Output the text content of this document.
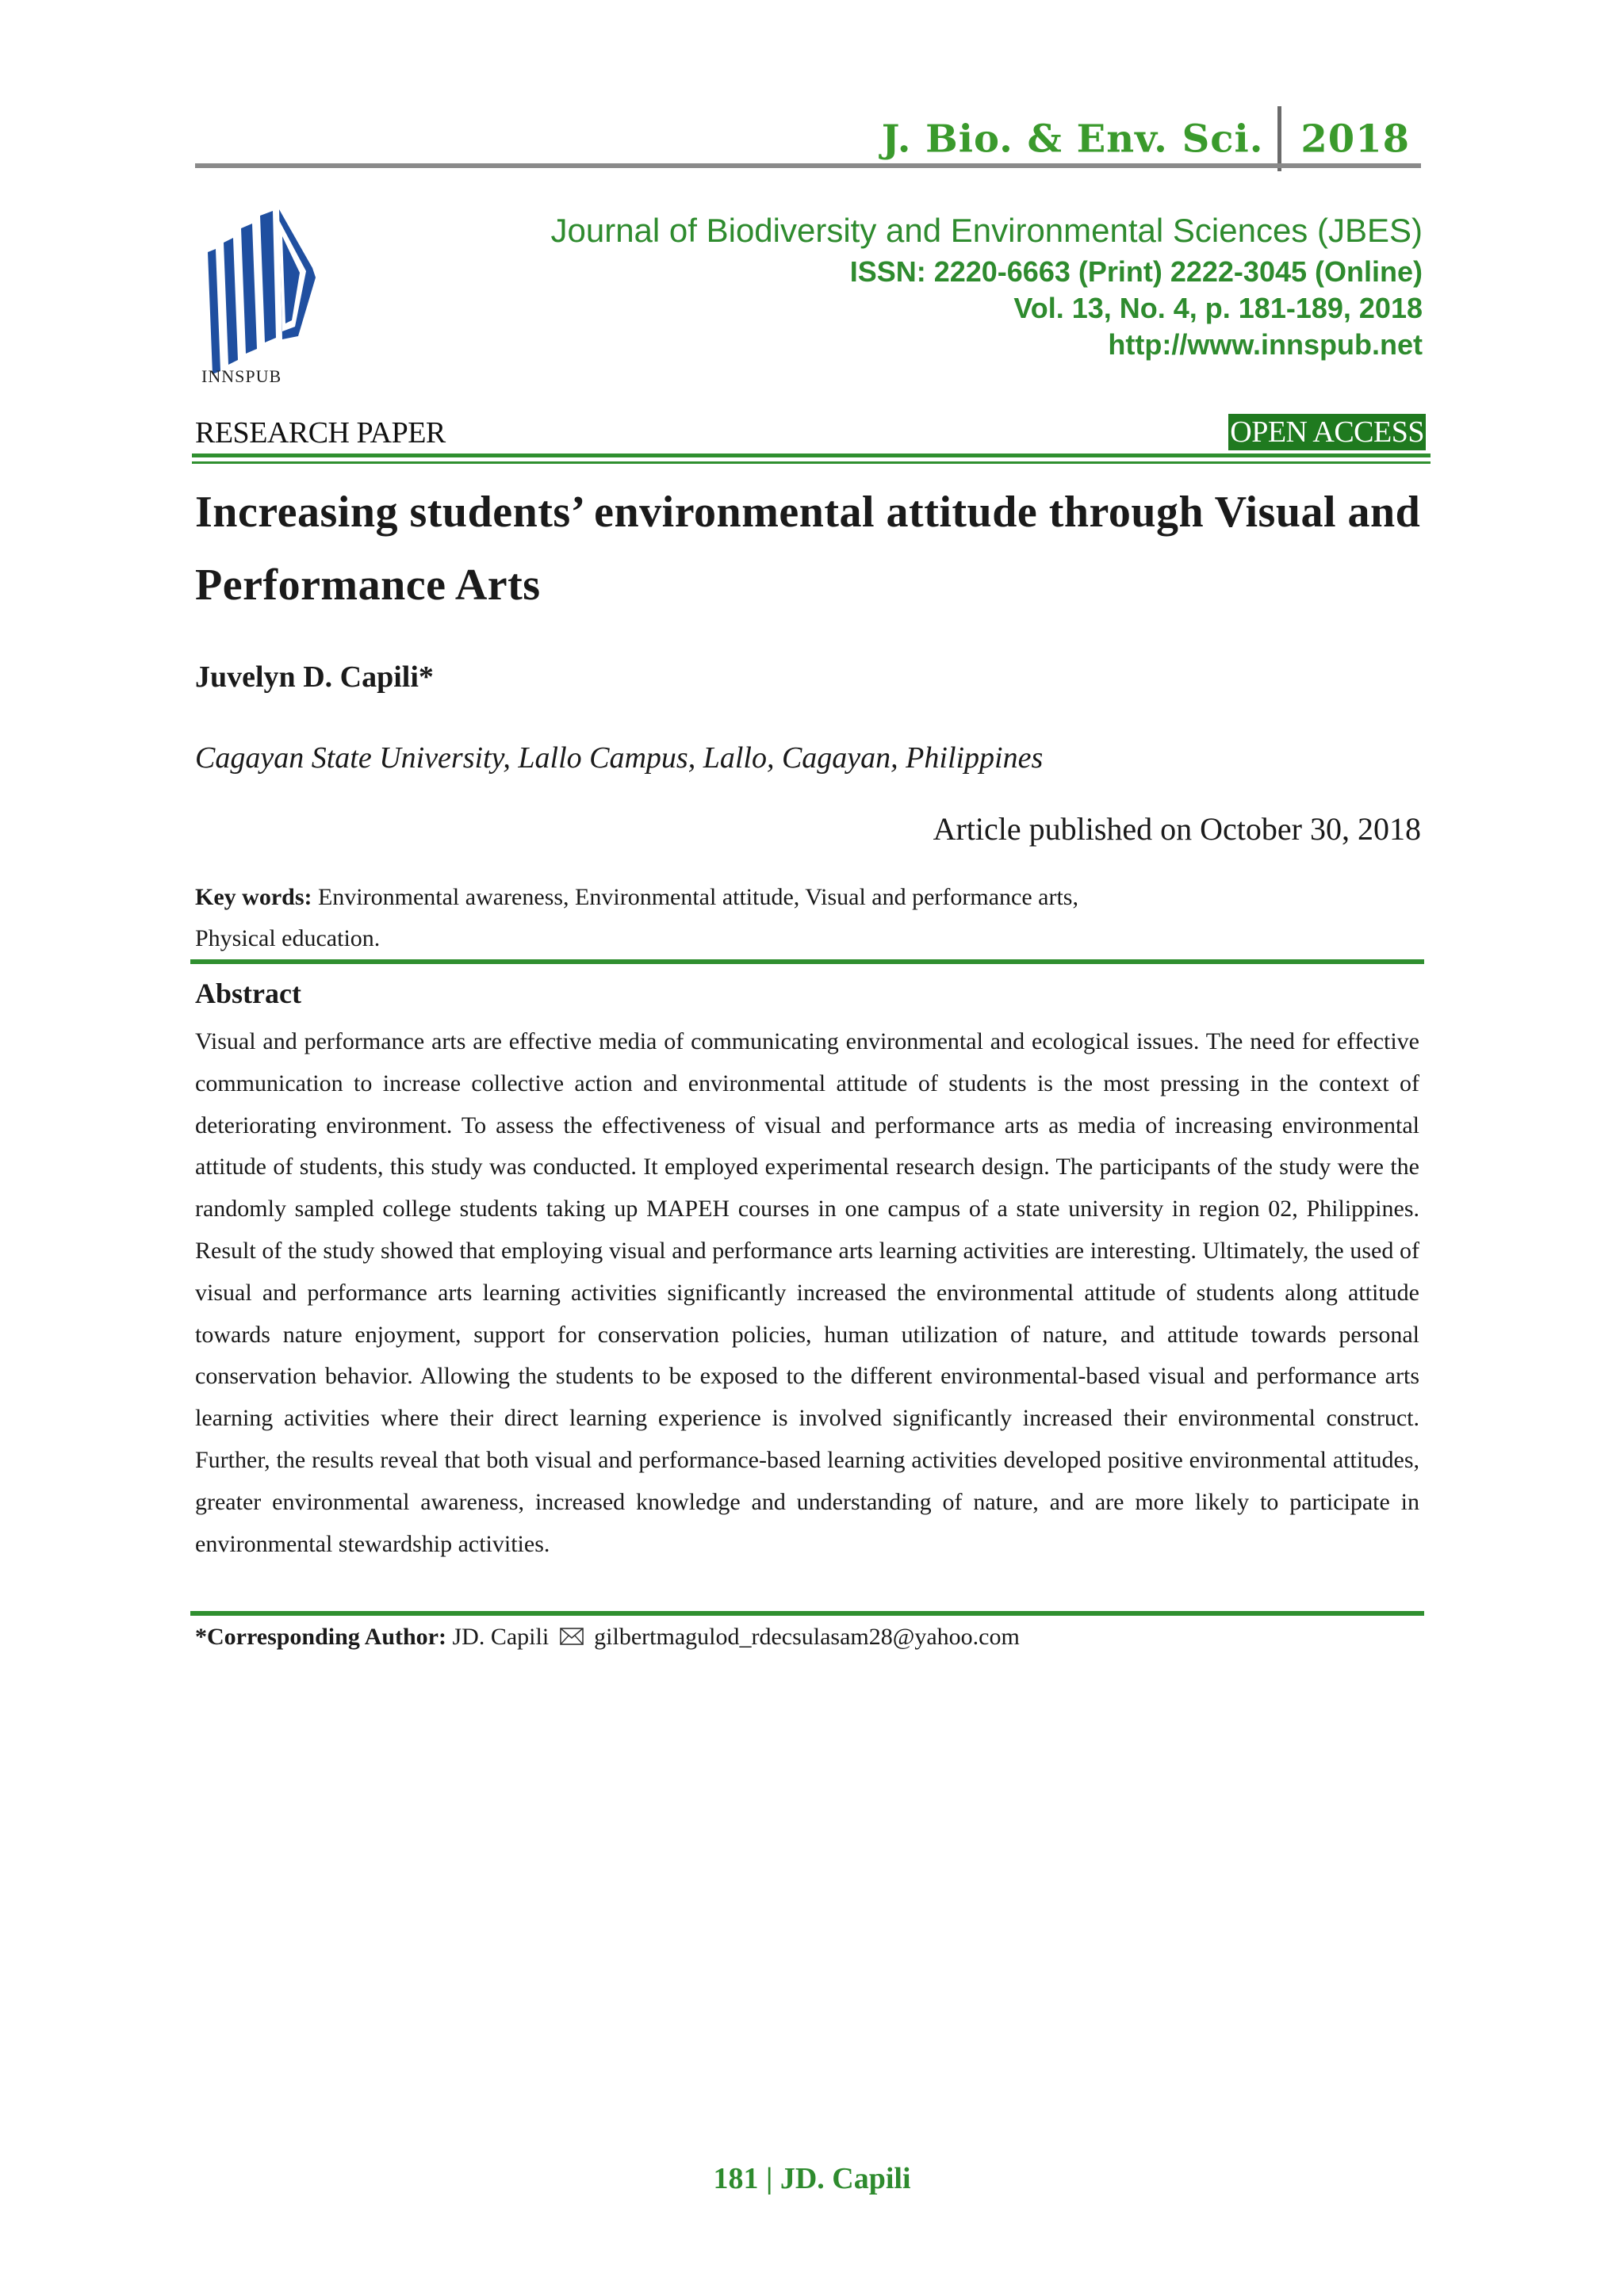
J. Bio. & Env. Sci. 2018
INNSPUB
Journal of Biodiversity and Environmental Sciences (JBES)
ISSN: 2220-6663 (Print) 2222-3045 (Online)
Vol. 13, No. 4, p. 181-189, 2018
http://www.innspub.net
RESEARCH PAPER	OPEN ACCESS
Increasing students’ environmental attitude through Visual and Performance Arts
Juvelyn D. Capili*
Cagayan State University, Lallo Campus, Lallo, Cagayan, Philippines
Article published on October 30, 2018
Key words: Environmental awareness, Environmental attitude, Visual and performance arts,
Physical education.
Abstract
Visual and performance arts are effective media of communicating environmental and ecological issues. The need for effective communication to increase collective action and environmental attitude of students is the most pressing in the context of deteriorating environment. To assess the effectiveness of visual and performance arts as media of increasing environmental attitude of students, this study was conducted. It employed experimental research design. The participants of the study were the randomly sampled college students taking up MAPEH courses in one campus of a state university in region 02, Philippines. Result of the study showed that employing visual and performance arts learning activities are interesting. Ultimately, the used of visual and performance arts learning activities significantly increased the environmental attitude of students along attitude towards nature enjoyment, support for conservation policies, human utilization of nature, and attitude towards personal conservation behavior. Allowing the students to be exposed to the different environmental-based visual and performance arts learning activities where their direct learning experience is involved significantly increased their environmental construct. Further, the results reveal that both visual and performance-based learning activities developed positive environmental attitudes, greater environmental awareness, increased knowledge and understanding of nature, and are more likely to participate in environmental stewardship activities.
*Corresponding Author: JD. Capili gilbertmagulod_rdecsulasam28@yahoo.com
181 | JD. Capili
